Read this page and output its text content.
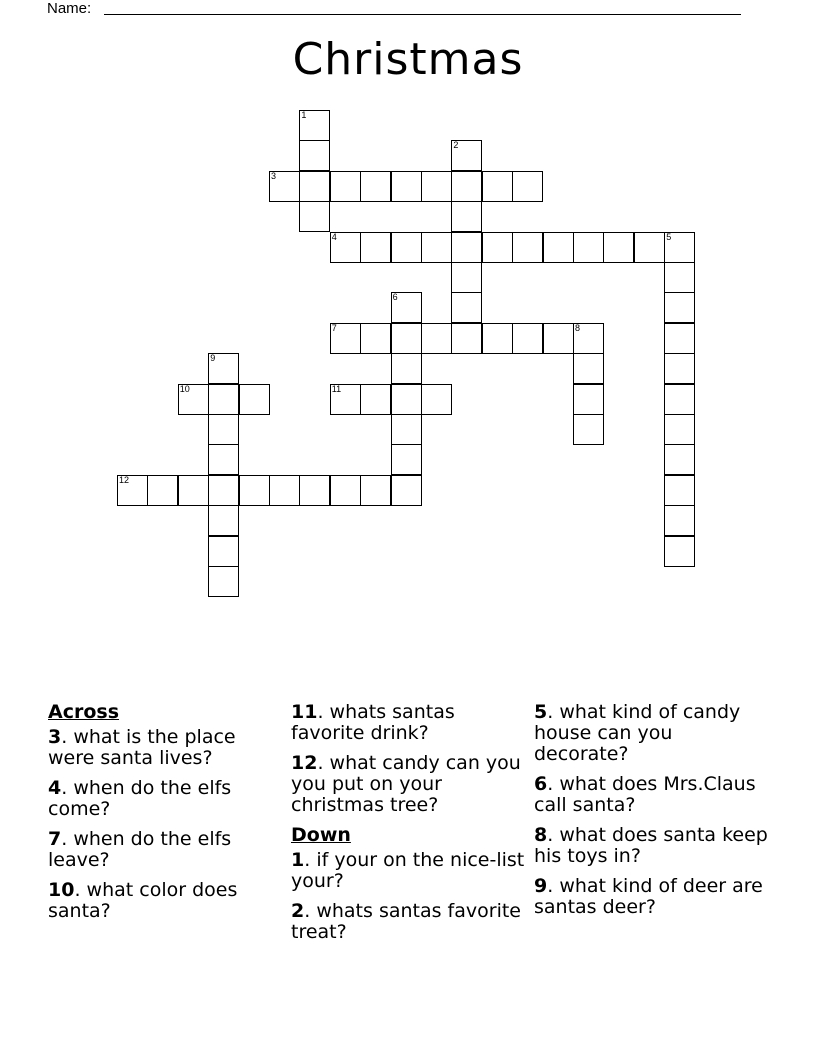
Name:
Christmas
3
4	5
7	8
10	11
12
1
2
6
9
Across
3. what is the place were santa lives?
4. when do the elfs come?
7. when do the elfs leave?
10. what color does santa?
11. whats santas favorite drink?
12. what candy can you you put on your christmas tree?
Down
1. if your on the nice-list your?
2. whats santas favorite treat?
5. what kind of candy house can you decorate?
6. what does Mrs.Claus call santa?
8. what does santa keep his toys in?
9. what kind of deer are santas deer?
